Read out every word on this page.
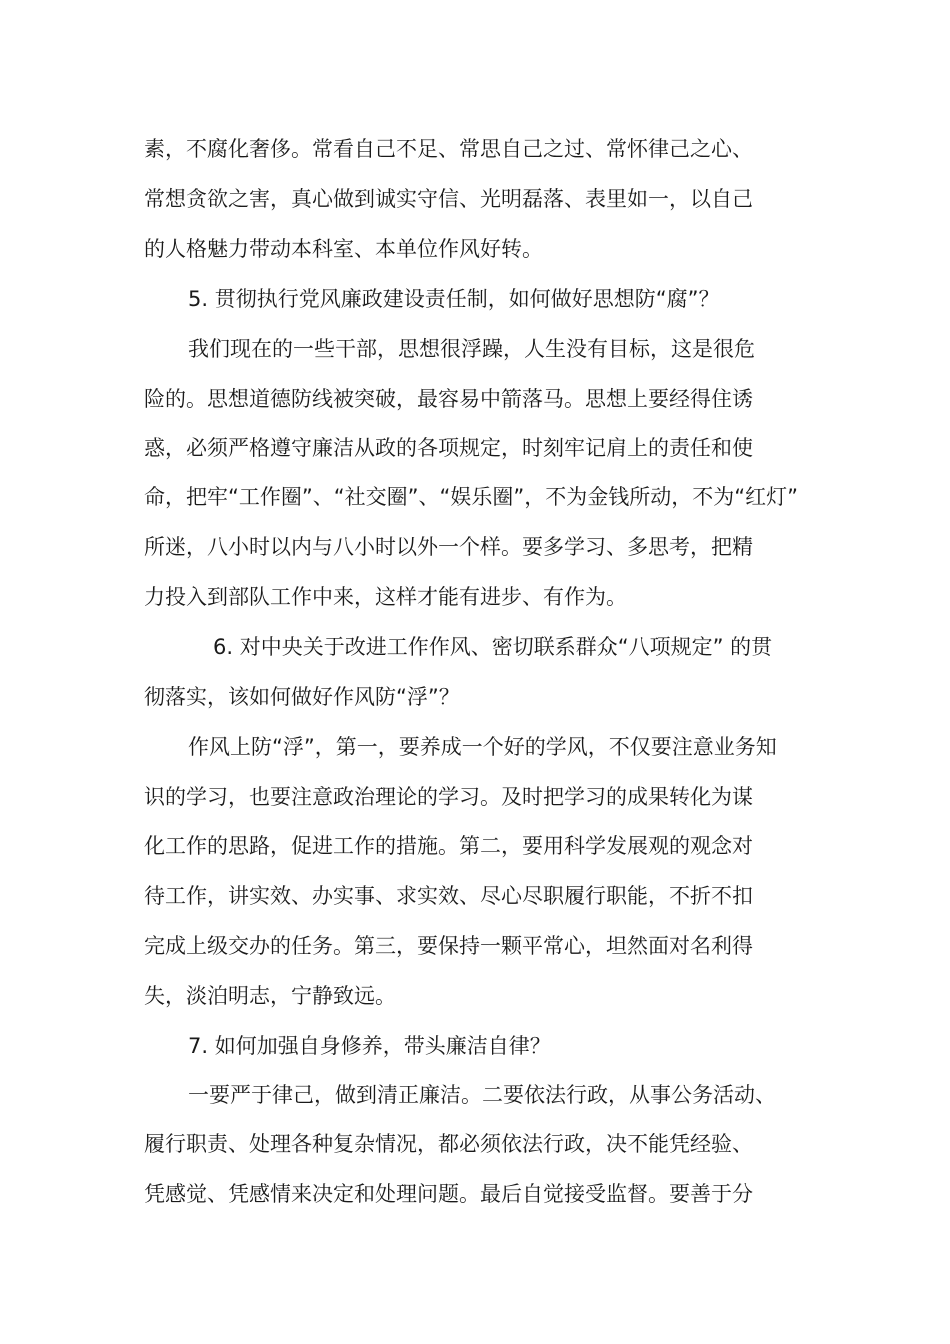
素，不腐化奢侈。常看自己不足、常思自己之过、常怀律己之心、
常想贪欲之害，真心做到诚实守信、光明磊落、表里如一，以自己
的人格魅力带动本科室、本单位作风好转。
5. 贯彻执行党风廉政建设责任制，如何做好思想防“腐”？
我们现在的一些干部，思想很浮躁，人生没有目标，这是很危
险的。思想道德防线被突破，最容易中箭落马。思想上要经得住诱
惑，必须严格遵守廉洁从政的各项规定，时刻牢记肩上的责任和使
命，把牢“工作圈”、“社交圈”、“娱乐圈”，不为金钱所动，不为“红灯”
所迷，八小时以内与八小时以外一个样。要多学习、多思考，把精
力投入到部队工作中来，这样才能有进步、有作为。
6. 对中央关于改进工作作风、密切联系群众“八项规定” 的贯
彻落实，该如何做好作风防“浮”？
作风上防“浮”，第一，要养成一个好的学风，不仅要注意业务知
识的学习，也要注意政治理论的学习。及时把学习的成果转化为谋
化工作的思路，促进工作的措施。第二，要用科学发展观的观念对
待工作，讲实效、办实事、求实效、尽心尽职履行职能，不折不扣
完成上级交办的任务。第三，要保持一颗平常心，坦然面对名利得
失，淡泊明志，宁静致远。
7. 如何加强自身修养，带头廉洁自律？
一要严于律己，做到清正廉洁。二要依法行政，从事公务活动、
履行职责、处理各种复杂情况，都必须依法行政，决不能凭经验、
凭感觉、凭感情来决定和处理问题。最后自觉接受监督。要善于分
